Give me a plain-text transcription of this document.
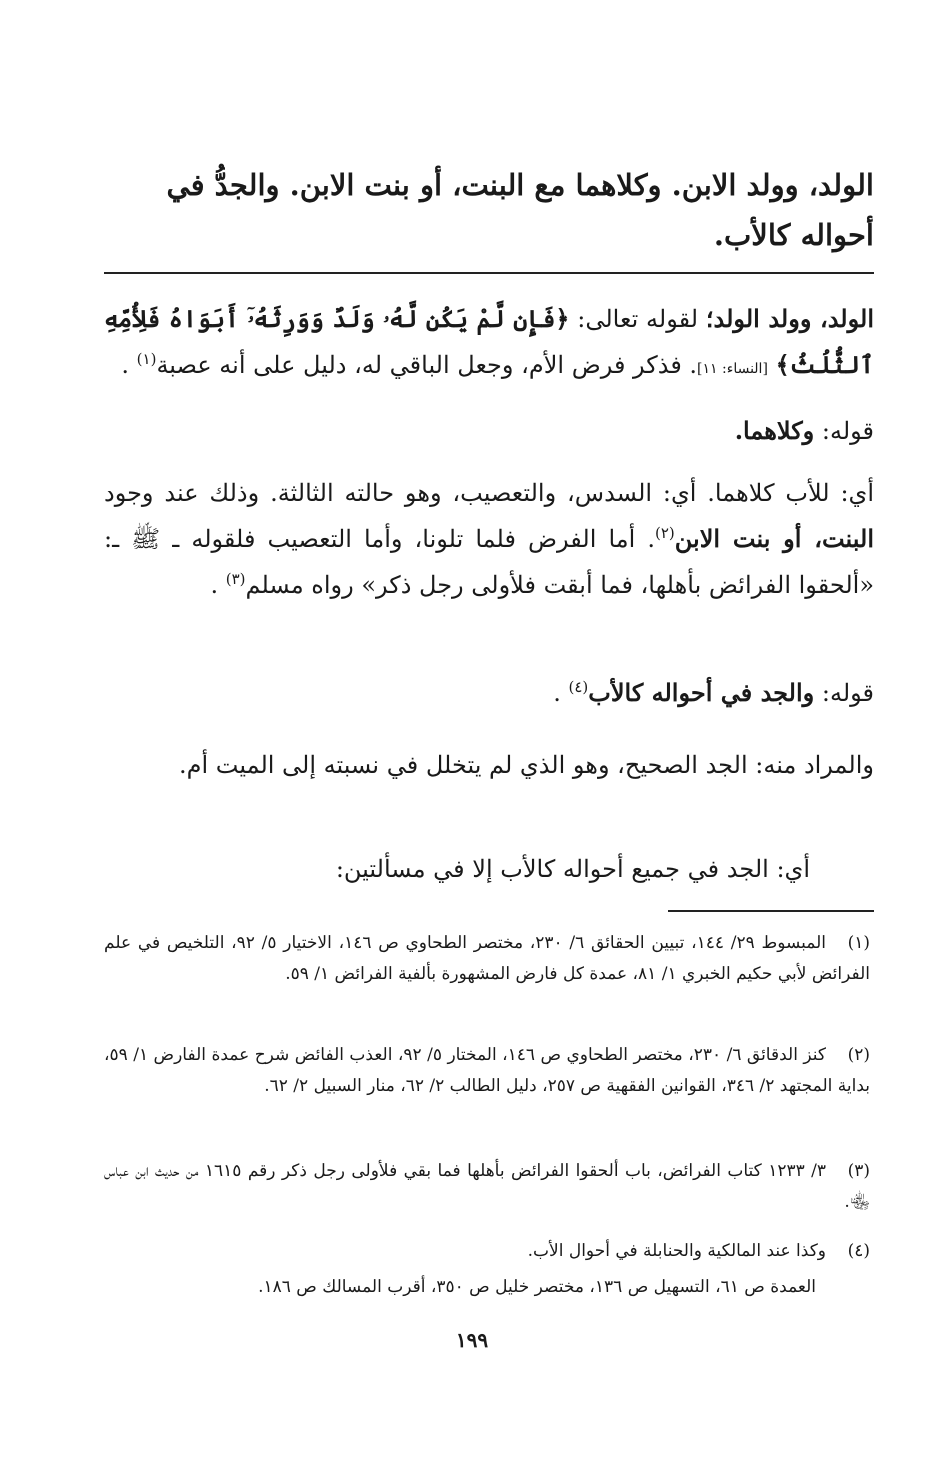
الولد، وولد الابن. وكلاهما مع البنت، أو بنت الابن. والجدُّ في
أحواله كالأب.
الولد، وولد الولد؛ لقوله تعالى: ﴿فَإِن لَّمْ يَكُن لَّهُۥ وَلَدٌ وَوَرِثَهُۥٓ أَبَوَاهُ فَلِأُمِّهِ ٱلثُّلُثُ﴾ [النساء: ١١]. فذكر فرض الأم، وجعل الباقي له، دليل على أنه عصبة$^{(١)}$ .
قوله: وكلاهما.
أي: للأب كلاهما. أي: السدس، والتعصيب، وهو حالته الثالثة. وذلك عند وجود البنت، أو بنت الابن$^{(٢)}$. أما الفرض فلما تلونا، وأما التعصيب فلقوله ـ ﷺ ـ: «ألحقوا الفرائض بأهلها، فما أبقت فلأولى رجل ذكر» رواه مسلم$^{(٣)}$ .
قوله: والجد في أحواله كالأب$^{(٤)}$ .
والمراد منه: الجد الصحيح، وهو الذي لم يتخلل في نسبته إلى الميت أم.
أي: الجد في جميع أحواله كالأب إلا في مسألتين:
(١)المبسوط ٢٩/ ١٤٤، تبيين الحقائق ٦/ ٢٣٠، مختصر الطحاوي ص ١٤٦، الاختيار ٥/ ٩٢، التلخيص في علم الفرائض لأبي حكيم الخبري ١/ ٨١، عمدة كل فارض المشهورة بألفية الفرائض ١/ ٥٩.
(٢)كنز الدقائق ٦/ ٢٣٠، مختصر الطحاوي ص ١٤٦، المختار ٥/ ٩٢، العذب الفائض شرح عمدة الفارض ١/ ٥٩، بداية المجتهد ٢/ ٣٤٦، القوانين الفقهية ص ٢٥٧، دليل الطالب ٢/ ٦٢، منار السبيل ٢/ ٦٢.
(٣)٣/ ١٢٣٣ كتاب الفرائض، باب ألحقوا الفرائض بأهلها فما بقي فلأولى رجل ذكر رقم ١٦١٥ من حديث ابن عباس ﵄.
(٤)وكذا عند المالكية والحنابلة في أحوال الأب.
العمدة ص ٦١، التسهيل ص ١٣٦، مختصر خليل ص ٣٥٠، أقرب المسالك ص ١٨٦.
١٩٩
